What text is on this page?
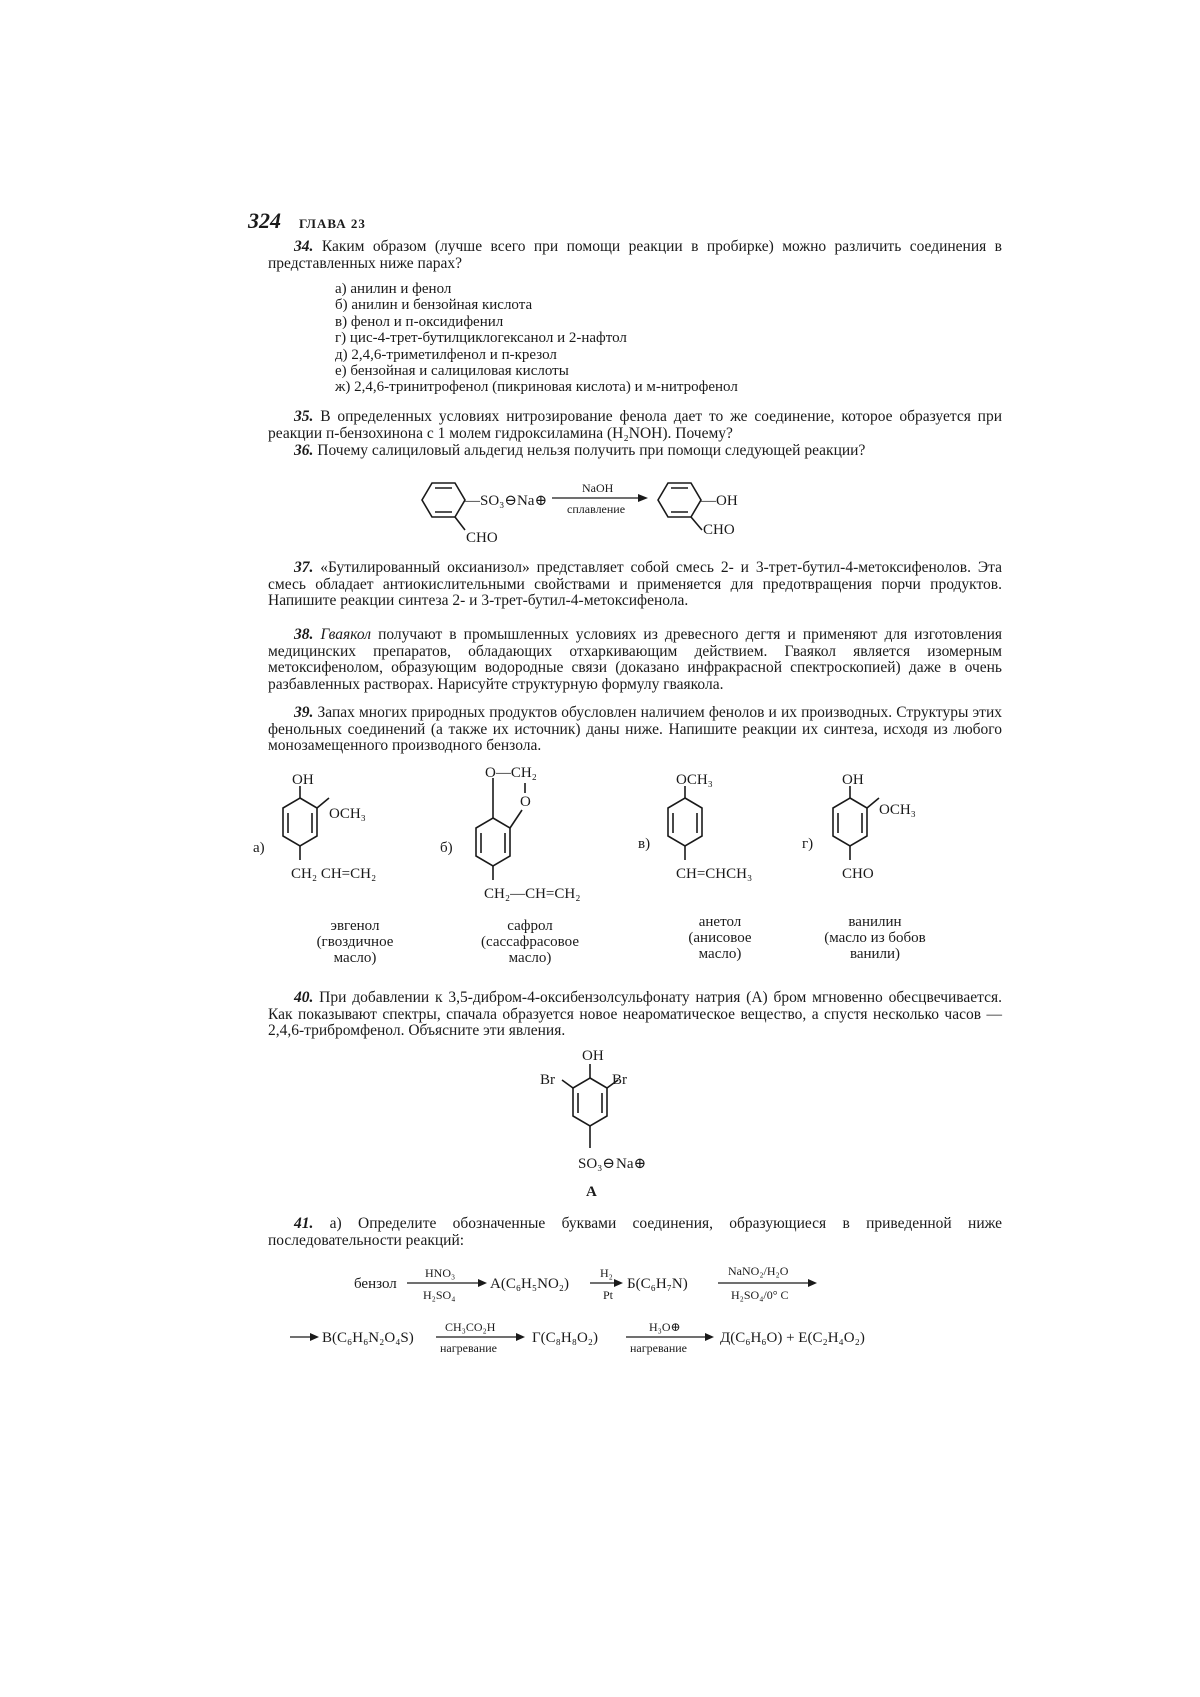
324 ГЛАВА 23
34. Каким образом (лучше всего при помощи реакции в пробирке) можно различить соединения в представленных ниже парах?
а) анилин и фенол
б) анилин и бензойная кислота
в) фенол и п-оксидифенил
г) цис-4-трет-бутилциклогексанол и 2-нафтол
д) 2,4,6-триметилфенол и п-крезол
е) бензойная и салициловая кислоты
ж) 2,4,6-тринитрофенол (пикриновая кислота) и м-нитрофенол
35. В определенных условиях нитрозирование фенола дает то же соединение, которое образуется при реакции п-бензохинона с 1 молем гидроксиламина (H₂NOH). Почему?
36. Почему салициловый альдегид нельзя получить при помощи следующей реакции?
—SO₃⊖Na⊕
CHO
NaOH
сплавление	—OH
CHO
37. «Бутилированный оксианизол» представляет собой смесь 2- и 3-трет-бутил-4-метоксифенолов. Эта смесь обладает антиокислительными свойствами и применяется для предотвращения порчи продуктов. Напишите реакции синтеза 2- и 3-трет-бутил-4-метоксифенола.
38. Гваякол получают в промышленных условиях из древесного дегтя и применяют для изготовления медицинских препаратов, обладающих отхаркивающим действием. Гваякол является изомерным метоксифенолом, образующим водородные связи (доказано инфракрасной спектроскопией) даже в очень разбавленных растворах. Нарисуйте структурную формулу гваякола.
39. Запах многих природных продуктов обусловлен наличием фенолов и их производных. Структуры этих фенольных соединений (а также их источник) даны ниже. Напишите реакции их синтеза, исходя из любого монозамещенного производного бензола.
а)
OH
OCH₃
CH₂ CH=CH₂
б)
O—CH₂
O
CH₂—CH=CH₂
в)
OCH₃
CH=CHCH₃
г)
OH
OCH₃
CHO
эвгенол
(гвоздичное масло)
сафрол
(сассафрасовое масло)
анетол
(анисовое масло)
ванилин
(масло из бобов ванили)
40. При добавлении к 3,5-дибром-4-оксибензолсульфонату натрия (А) бром мгновенно обесцвечивается. Как показывают спектры, спачала образуется новое неароматическое вещество, а спустя несколько часов — 2,4,6-трибромфенол. Объясните эти явления.
OH
Br	Br
SO₃⊖ Na⊕
А
41. а) Определите обозначенные буквами соединения, образующиеся в приведенной ниже последовательности реакций:
бензол
HNO₃
H₂SO₄
А(C₆H₅NO₂)
H₂
Pt
Б(C₆H₇N)
NaNO₂/H₂O
H₂SO₄/0° C
В(C₆H₆N₂O₄S)
CH₃CO₂H
нагревание
Г(C₈H₈O₂)
H₃O⊕
нагревание
Д(C₆H₆O) + Е(C₂H₄O₂)
